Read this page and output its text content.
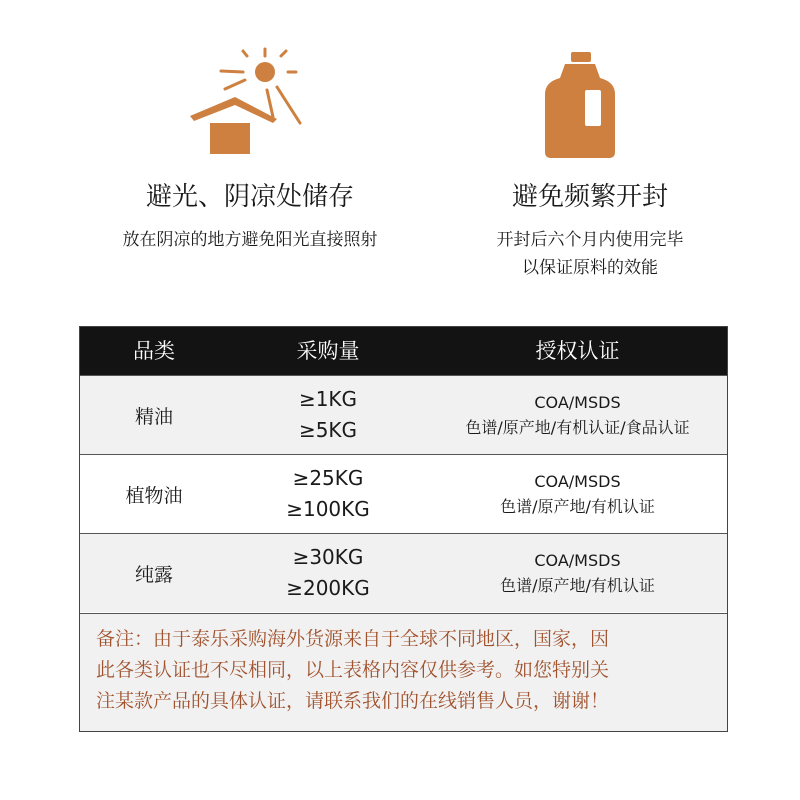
避光、阴凉处储存
放在阴凉的地方避免阳光直接照射
避免频繁开封
开封后六个月内使用完毕
以保证原料的效能
品类	采购量	授权认证
精油
≥1KG
≥5KG
COA/MSDS
色谱/原产地/有机认证/食品认证
植物油
≥25KG
≥100KG
COA/MSDS
色谱/原产地/有机认证
纯露
≥30KG
≥200KG
COA/MSDS
色谱/原产地/有机认证
备注：由于泰乐采购海外货源来自于全球不同地区，国家，因
此各类认证也不尽相同，以上表格内容仅供参考。如您特别关
注某款产品的具体认证，请联系我们的在线销售人员，谢谢！
